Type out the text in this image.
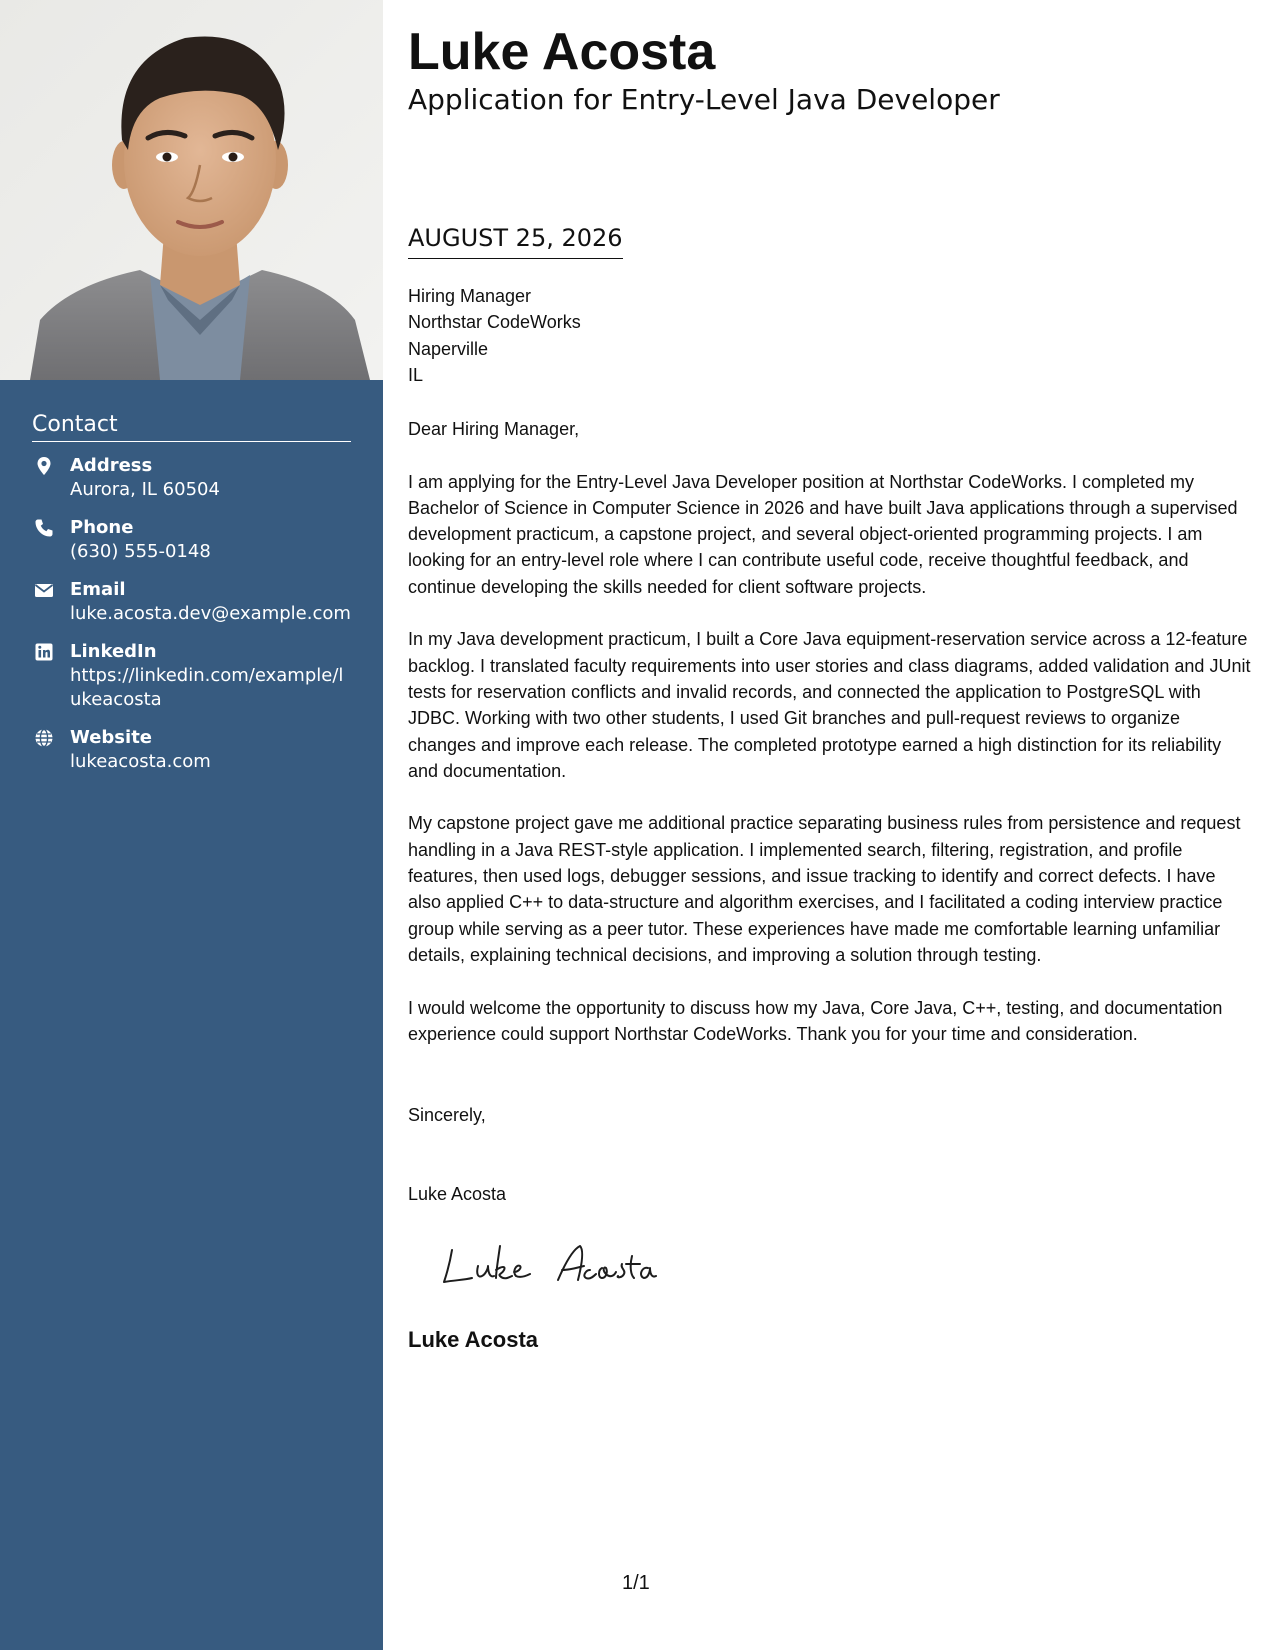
Contact
Address
Aurora, IL 60504
Phone
(630) 555-0148
Email
luke.acosta.dev@example.com
LinkedIn
https://linkedin.com/example/lukeacosta
Website
lukeacosta.com
Luke Acosta
Application for Entry-Level Java Developer
AUGUST 25, 2026
Hiring Manager
Northstar CodeWorks
Naperville
IL
Dear Hiring Manager,

I am applying for the Entry-Level Java Developer position at Northstar CodeWorks. I completed my Bachelor of Science in Computer Science in 2026 and have built Java applications through a supervised development practicum, a capstone project, and several object-oriented programming projects. I am looking for an entry-level role where I can contribute useful code, receive thoughtful feedback, and continue developing the skills needed for client software projects.

In my Java development practicum, I built a Core Java equipment-reservation service across a 12-feature backlog. I translated faculty requirements into user stories and class diagrams, added validation and JUnit tests for reservation conflicts and invalid records, and connected the application to PostgreSQL with JDBC. Working with two other students, I used Git branches and pull-request reviews to organize changes and improve each release. The completed prototype earned a high distinction for its reliability and documentation.

My capstone project gave me additional practice separating business rules from persistence and request handling in a Java REST-style application. I implemented search, filtering, registration, and profile features, then used logs, debugger sessions, and issue tracking to identify and correct defects. I have also applied C++ to data-structure and algorithm exercises, and I facilitated a coding interview practice group while serving as a peer tutor. These experiences have made me comfortable learning unfamiliar details, explaining technical decisions, and improving a solution through testing.

I would welcome the opportunity to discuss how my Java, Core Java, C++, testing, and documentation experience could support Northstar CodeWorks. Thank you for your time and consideration.

Sincerely,
Luke Acosta
Luke Acosta
1/1
